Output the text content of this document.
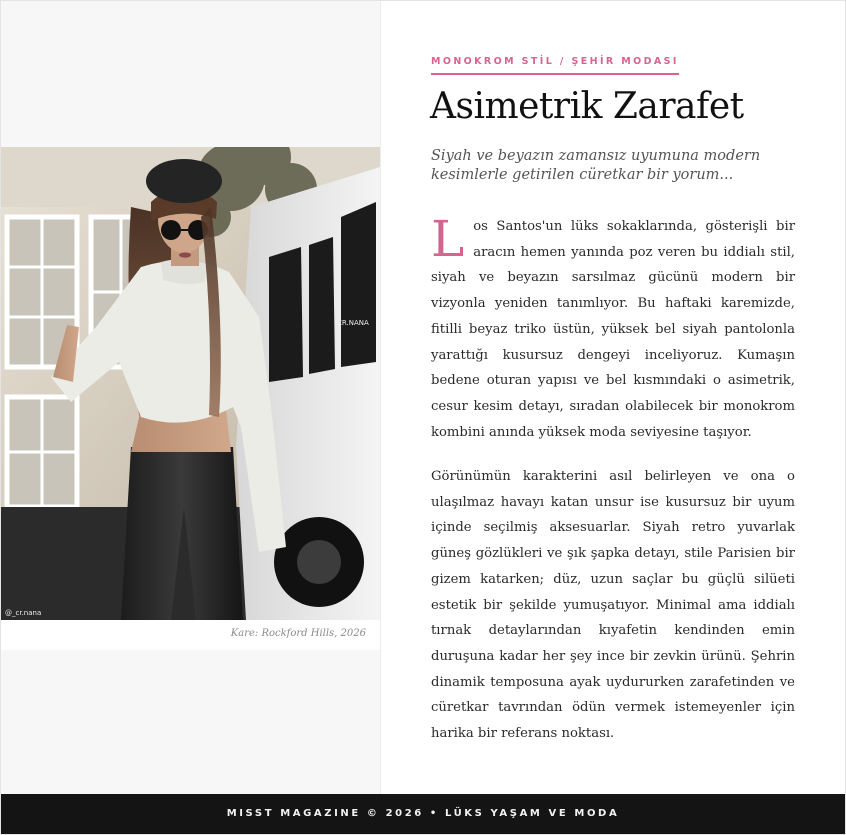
CR.NANA
@_cr.nana
Kare: Rockford Hills, 2026
MONOKROM STİL / ŞEHİR MODASI
Asimetrik Zarafet

Siyah ve beyazın zamansız uyumuna modern kesimlerle getirilen cüretkar bir yorum...

Los Santos'un lüks sokaklarında, gösterişli bir aracın hemen yanında poz veren bu iddialı stil, siyah ve beyazın sarsılmaz gücünü modern bir vizyonla yeniden tanımlıyor. Bu haftaki karemizde, fitilli beyaz triko üstün, yüksek bel siyah pantolonla yarattığı kusursuz dengeyi inceliyoruz. Kumaşın bedene oturan yapısı ve bel kısmındaki o asimetrik, cesur kesim detayı, sıradan olabilecek bir monokrom kombini anında yüksek moda seviyesine taşıyor.

Görünümün karakterini asıl belirleyen ve ona o ulaşılmaz havayı katan unsur ise kusursuz bir uyum içinde seçilmiş aksesuarlar. Siyah retro yuvarlak güneş gözlükleri ve şık şapka detayı, stile Parisien bir gizem katarken; düz, uzun saçlar bu güçlü silüeti estetik bir şekilde yumuşatıyor. Minimal ama iddialı tırnak detaylarından kıyafetin kendinden emin duruşuna kadar her şey ince bir zevkin ürünü. Şehrin dinamik temposuna ayak uydururken zarafetinden ve cüretkar tavrından ödün vermek istemeyenler için harika bir referans noktası.

MISST MAGAZINE © 2026 • LÜKS YAŞAM VE MODA
